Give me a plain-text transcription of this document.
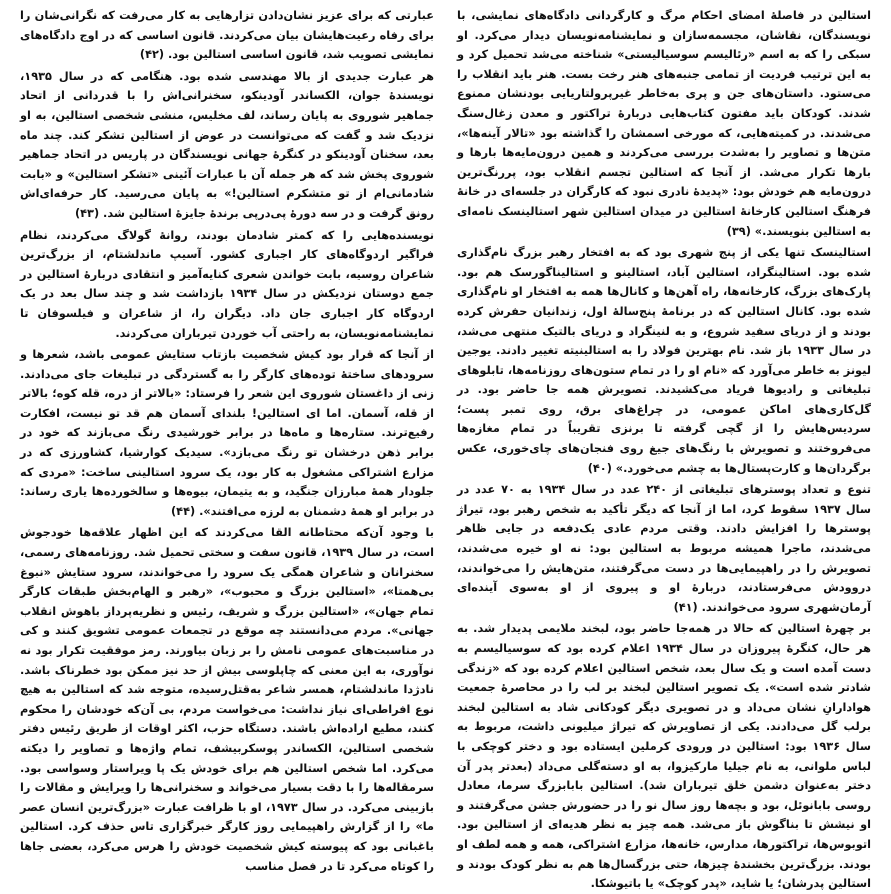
استالین در فاصلهٔ امضای احکام مرگ و کارگردانی دادگاه‌های نمایشی، با نویسندگان، نقاشان، مجسمه‌سازان و نمایشنامه‌نویسان دیدار می‌کرد. او سبکی را که به اسم «رئالیسم سوسیالیستی» شناخته می‌شد تحمیل کرد و به این ترتیب فردیت از تمامی جنبه‌های هنر رخت بست. هنر باید انقلاب را می‌ستود. داستان‌های جن و پری به‌خاطر غیرپرولتاریایی بودنشان ممنوع شدند. کودکان باید مفتون کتاب‌هایی دربارهٔ تراکتور و معدن زغال‌سنگ می‌شدند. در کمیته‌هایی، که مورخی اسمشان را گذاشته بود «تالار آینه‌ها»، متن‌ها و تصاویر را بەشدت بررسی می‌کردند و همین درون‌مایه‌ها بارها و بارها تکرار می‌شد. از آنجا که استالین تجسم انقلاب بود، پررنگ‌ترین درون‌مایه هم خودش بود: «پدیده‌ٔ نادری نبود که کارگران در جلسه‌ای در خانهٔ فرهنگ استالین کارخانهٔ استالین در میدان استالین شهر استالینسک نامه‌ای به استالین بنویسند.» (۳۹)

استالینسک تنها یکی از پنج شهری بود که به افتخار رهبر بزرگ نام‌گذاری شده بود. استالینگراد، استالین آباد، استالینو و استالیناگورسک هم بود. پارک‌های بزرگ، کارخانه‌ها، راه آهن‌ها و کانال‌ها همه به افتخار او نام‌گذاری شده بود. کانال استالین که در برنامهٔ پنج‌سالهٔ اول، زندانیان حفرش کرده بودند و از دریای سفید شروع، و به لنینگراد و دریای بالتیک منتهی می‌شد، در سال ۱۹۳۳ باز شد. نام بهترین فولاد را به استالینیته تغییر دادند. یوجین لیونز به خاطر می‌آورد که «نام او را در تمام ستون‌های روزنامه‌ها، تابلوهای تبلیغاتی و رادیوها فریاد می‌کشیدند. تصویرش همه جا حاضر بود. در گل‌کاری‌های اماکن عمومی، در چراغ‌های برق، روی تمبر پست؛ سردیس‌هایش را از گچی گرفته تا برنزی تقریباً در تمام مغازه‌ها می‌فروختند و تصویرش با رنگ‌های جیغ روی فنجان‌های چای‌خوری، عکس برگردان‌ها و کارت‌پستال‌ها به چشم می‌خورد.» (۴۰)

تنوع و تعداد پوسترهای تبلیغاتی از ۲۴۰ عدد در سال ۱۹۳۴ به ۷۰ عدد در سال ۱۹۳۷ سقوط کرد، اما از آنجا که دیگر تأکید به شخص رهبر بود، تیراژ پوسترها را افزایش دادند. وقتی مردم عادی یک‌دفعه در جایی ظاهر می‌شدند، ماجرا همیشه مربوط به استالین بود: نه او خیره می‌شدند، تصویرش را در راهپیمایی‌ها در دست می‌گرفتند، متن‌هایش را می‌خواندند، دروودش می‌فرستادند، درباره‌ٔ او و پیروی از او به‌سوی آینده‌ای آرمان‌شهری سرود می‌خواندند. (۴۱)

بر چهرهٔ استالین که حالا در همه‌جا حاضر بود، لبخند ملایمی پدیدار شد. به هر حال، کنگرهٔ پیروزان در سال ۱۹۳۴ اعلام کرده بود که سوسیالیسم به دست آمده است و یک سال بعد، شخص استالین اعلام کرده بود که «زندگی شادتر شده است». یک تصویر استالین لبخند بر لب را در محاصرهٔ جمعیت هوادارانِ نشان می‌داد و در تصویری دیگر کودکانی شاد به استالین لبخند برلب گل می‌دادند. یکی از تصاویرش که تیراژ میلیونی داشت، مربوط به سال ۱۹۳۶ بود: استالین در ورودی کرملین ایستاده بود و دختر کوچکی با لباس ملوانی، به نام جیلیا مارکیزوا، به او دسته‌گلی می‌داد (بعدتر پدر آن دختر به‌عنوان دشمن خلق تیرباران شد). استالین بابابزرگ سرما، معادل روسی بابانوئل، بود و بچه‌ها روز سال نو را در حضورش جشن می‌گرفتند و او نیشش تا بناگوش باز می‌شد. همه چیز به نظر هدیه‌ای از استالین بود. اتوبوس‌ها، تراکتورها، مدارس، خانه‌ها، مزارع اشتراکی، همه و همه لطف او بودند. بزرگ‌ترین بخشندهٔ چیزها، حتی بزرگسال‌ها هم به نظر کودک بودند و استالین پدرشان؛ یا شاید، «پدر کوچک» یا باتیوشکا.

عبارتی که برای عزیز نشان‌دادن تزارهایی به کار می‌رفت که نگرانی‌شان را برای رفاه رعیت‌هایشان بیان می‌کردند. قانون اساسی که در اوج دادگاه‌های نمایشی تصویب شد، قانون اساسی استالین بود. (۴۲)

هر عبارت جدیدی از بالا مهندسی شده بود. هنگامی که در سال ۱۹۳۵، نویسندهٔ جوان، الکساندر آودینکو، سخنرانی‌اش را با قدردانی از اتحاد جماهیر شوروی به پایان رساند، لف مخلیس، منشی شخصی استالین، به او نزدیک شد و گفت که می‌توانست در عوض از استالین تشکر کند. چند ماه بعد، سخنان آودینکو در کنگرهٔ جهانی نویسندگان در پاریس در اتحاد جماهیر شوروی پخش شد که هر جمله آن با عبارات آئینی «تشکر استالین» و «بابت شادمانی‌ام از تو متشکرم استالین!» به پایان می‌رسید. کار حرفه‌ای‌اش رونق گرفت و در سه دورهٔ پی‌درپی برندهٔ جایزهٔ استالین شد. (۴۳)

نویسنده‌هایی را که کمتر شادمان بودند، روانهٔ گولاگ می‌کردند، نظام فراگیر اردوگاه‌های کار اجباری کشور. آسیپ ماندلشتام، از بزرگ‌ترین شاعران روسیه، بابت خواندن شعری کنایه‌آمیز و انتقادی دربارهٔ استالین در جمع دوستان نزدیکش در سال ۱۹۳۴ بازداشت شد و چند سال بعد در یک اردوگاه کار اجباری جان داد. دیگران را، از شاعران و فیلسوفان تا نمایشنامه‌نویسان، به راحتی آب خوردن تیرباران می‌کردند.

از آنجا که قرار بود کیش شخصیت بازتاب ستایش عمومی باشد، شعرها و سرودهای ساختهٔ توده‌های کارگر را به گستردگی در تبلیغات جای می‌دادند. زنی از داغستان شوروی این شعر را فرستاد: «بالاتر از دره، قله کوه؛ بالاتر از قله، آسمان. اما ای استالین! بلندای آسمان هم قد تو نیست، افکارت رفیع‌ترند. ستاره‌ها و ماه‌ها در برابر خورشیدی رنگ می‌بازند که خود در برابر ذهن درخشان تو رنگ می‌بازد». سیدیک کوارشیا، کشاورزی که در مزارع اشتراکی مشغول به کار بود، یک سرود استالینی ساخت: «مردی که جلودار همهٔ مبارزان جنگید، و به یتیمان، بیوه‌ها و سالخورده‌ها یاری رساند: در برابر او همهٔ دشمنان به لرزه می‌افتند». (۴۴)

با وجود آن‌که محتاطانه القا می‌کردند که این اظهار علاقه‌ها خودجوش است، در سال ۱۹۳۹، قانون سفت و سختی تحمیل شد. روزنامه‌های رسمی، سخنرانان و شاعران همگی یک سرود را می‌خواندند، سرود ستایش «نبوغ بی‌همتا»، «استالین بزرگ و محبوب»، «رهبر و الهام‌بخش طبقات کارگر تمام جهان»، «استالین بزرگ و شریف، رئیس و نظریه‌پرداز باهوش انقلاب جهانی». مردم می‌دانستند چه موقع در تجمعات عمومی تشویق کنند و کی در مناسبت‌های عمومی نامش را بر زبان بیاورند. رمز موفقیت تکرار بود نه نوآوری، به این معنی که چاپلوسی بیش از حد نیز ممکن بود خطرناک باشد. نادژدا ماندلشتام، همسر شاعر به‌قتل‌رسیده، متوجه شد که استالین به هیچ نوع افراطی‌ای نیاز نداشت: می‌خواست مردم، بی آن‌که خودشان را محکوم کنند، مطیع اراده‌اش باشند. دستگاه حزب، اکثر اوقات از طریق رئیس دفتر شخصی استالین، الکساندر پوسکربیشف، تمام واژه‌ها و تصاویر را دیکته می‌کرد. اما شخص استالین هم برای خودش یک پا ویراستار وسواسی بود. سرمقاله‌ها را با دقت بسیار می‌خواند و سخنرانی‌ها را ویرایش و مقالات را بازبینی می‌کرد. در سال ۱۹۷۳، او با ظرافت عبارت «بزرگ‌ترین انسان عصر ما» را از گزارش راهپیمایی روز کارگر خبرگزاری تاس حذف کرد. استالین باغبانی بود که پیوسته کیش شخصیت خودش را هرس می‌کرد، بعضی جاها را کوتاه می‌کرد تا در فصل مناسب
